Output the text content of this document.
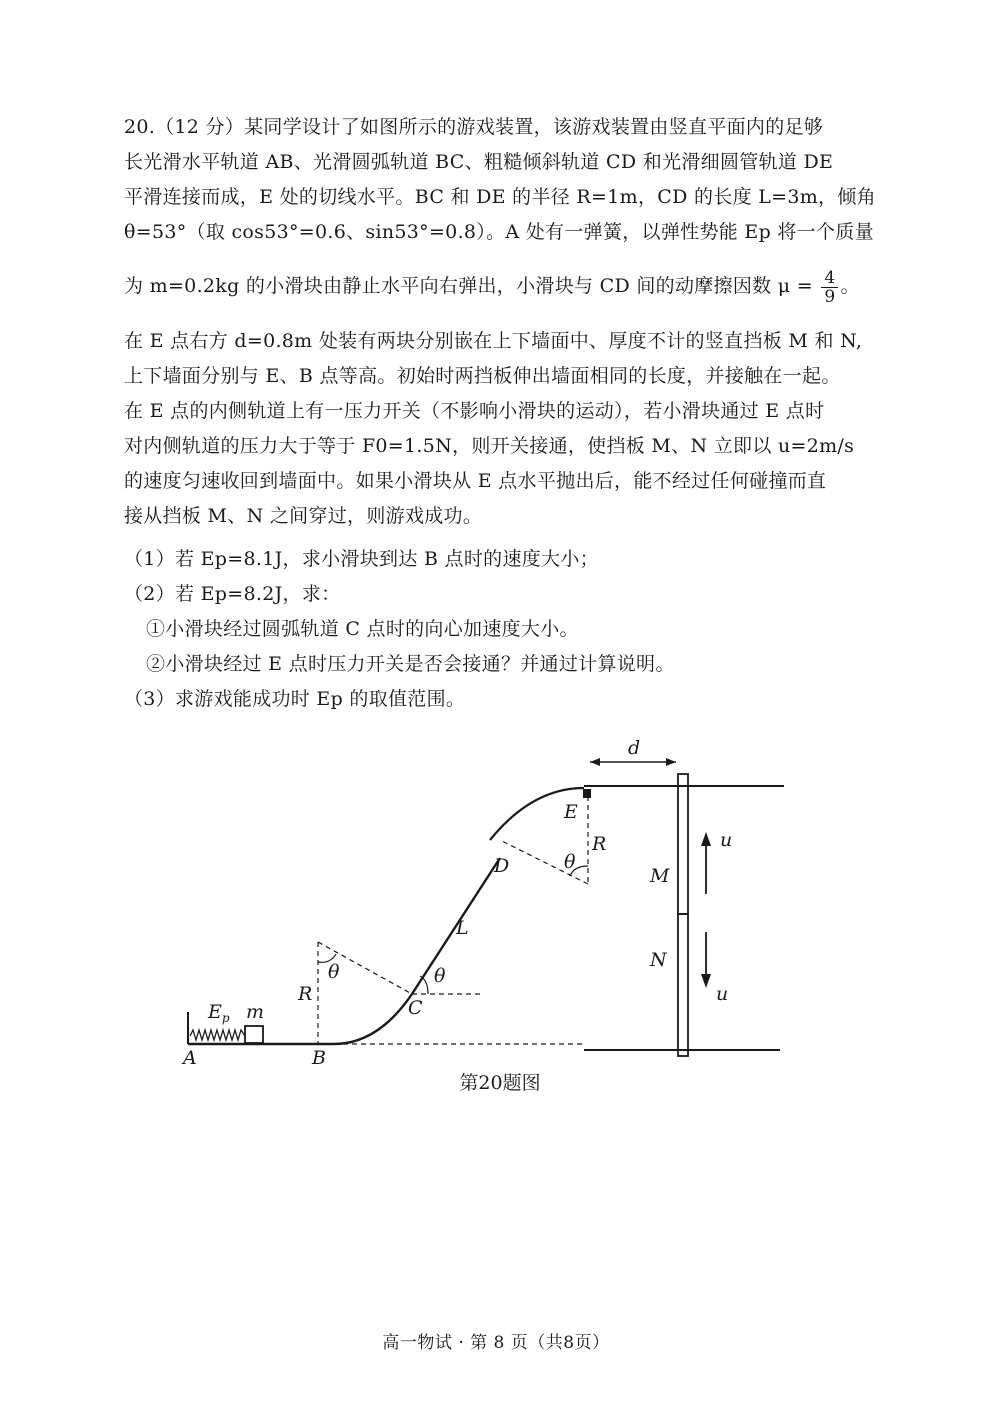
20.（12 分）某同学设计了如图所示的游戏装置，该游戏装置由竖直平面内的足够
长光滑水平轨道 AB、光滑圆弧轨道 BC、粗糙倾斜轨道 CD 和光滑细圆管轨道 DE
平滑连接而成，E 处的切线水平。BC 和 DE 的半径 R=1m，CD 的长度 L=3m，倾角
θ=53°（取 cos53°=0.6、sin53°=0.8）。A 处有一弹簧，以弹性势能 Ep 将一个质量
为 m=0.2kg 的小滑块由静止水平向右弹出，小滑块与 CD 间的动摩擦因数 $\mu = \frac{4}{9}$ 。
在 E 点右方 d=0.8m 处装有两块分别嵌在上下墙面中、厚度不计的竖直挡板 M 和 N,
上下墙面分别与 E、B 点等高。初始时两挡板伸出墙面相同的长度，并接触在一起。
在 E 点的内侧轨道上有一压力开关（不影响小滑块的运动），若小滑块通过 E 点时
对内侧轨道的压力大于等于 F0=1.5N，则开关接通，使挡板 M、N 立即以 u=2m/s
的速度匀速收回到墙面中。如果小滑块从 E 点水平抛出后，能不经过任何碰撞而直
接从挡板 M、N 之间穿过，则游戏成功。
（1）若 Ep=8.1J，求小滑块到达 B 点时的速度大小；
（2）若 Ep=8.2J，求：
①小滑块经过圆弧轨道 C 点时的向心加速度大小。
②小滑块经过 E 点时压力开关是否会接通？并通过计算说明。
（3）求游戏能成功时 Ep 的取值范围。
A	B
C
D
E
R
R
L
M
N
d
u
u
θ	θ
θ
$E_p$ m
第20题图
高一物试 · 第 8 页（共8页）
